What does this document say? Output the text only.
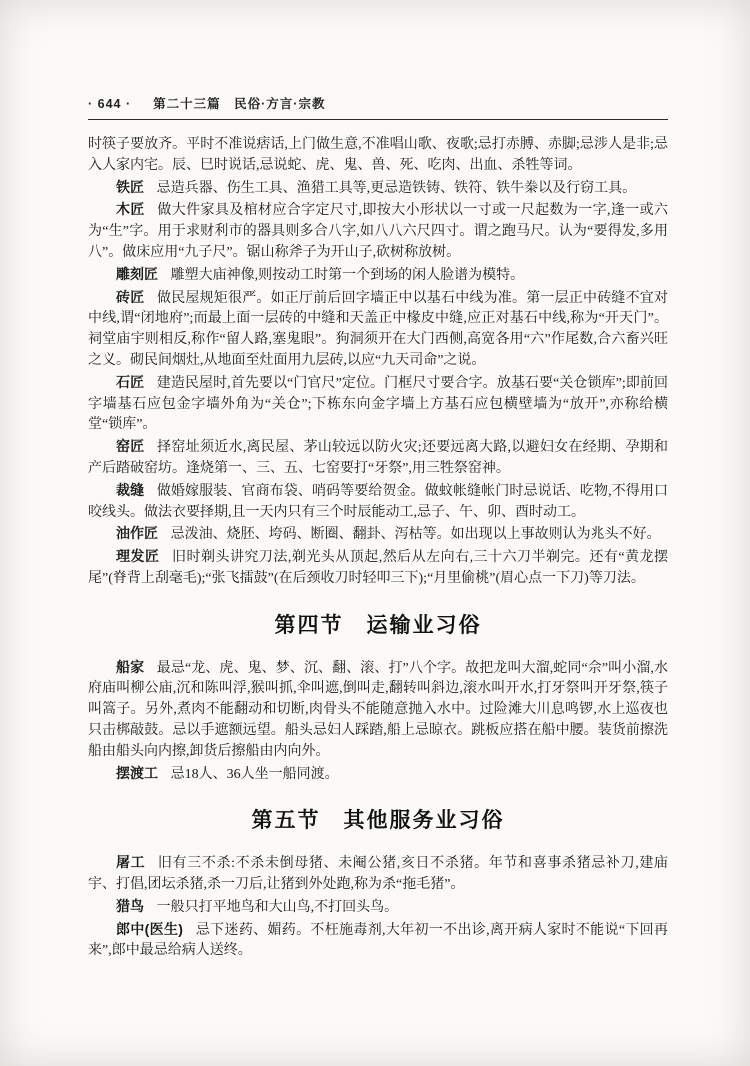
· 644 · 第二十三篇　民俗·方言·宗教

时筷子要放齐。平时不准说痞话,上门做生意,不准唱山歌、夜歌;忌打赤膊、赤脚;忌涉人是非;忌入人家内宅。辰、巳时说话,忌说蛇、虎、鬼、兽、死、吃肉、出血、杀牲等词。

铁匠 忌造兵器、伤生工具、渔猎工具等,更忌造铁铸、铁符、铁牛桊以及行窃工具。

木匠 做大件家具及棺材应合字定尺寸,即按大小形状以一寸或一尺起数为一字,逢一或六为“生”字。用于求财利市的器具则多合八字,如八八六尺四寸。谓之跑马尺。认为“要得发,多用八”。做床应用“九子尺”。锯山称斧子为开山子,砍树称放树。

雕刻匠 雕塑大庙神像,则按动工时第一个到场的闲人脸谱为模特。

砖匠 做民屋规矩很严。如正厅前后回字墙正中以基石中线为准。第一层正中砖缝不宜对中线,谓“闭地府”;而最上面一层砖的中缝和天盖正中椽皮中缝,应正对基石中线,称为“开天门”。祠堂庙宇则相反,称作“留人路,塞鬼眼”。狗洞须开在大门西侧,高宽各用“六”作尾数,合六畜兴旺之义。砌民间烟灶,从地面至灶面用九层砖,以应“九天司命”之说。

石匠 建造民屋时,首先要以“门官尺”定位。门框尺寸要合字。放基石要“关仓锁库”;即前回字墙基石应包金字墙外角为“关仓”;下栋东向金字墙上方基石应包横壁墙为“放开”,亦称给横堂“锁库”。

窑匠 择窑址须近水,离民屋、茅山较远以防火灾;还要远离大路,以避妇女在经期、孕期和产后踏破窑坊。逢烧第一、三、五、七窑要打“牙祭”,用三牲祭窑神。

裁缝 做婚嫁服装、官商布袋、哨码等要给贺金。做蚊帐缝帐门时忌说话、吃物,不得用口咬线头。做法衣要择期,且一天内只有三个时辰能动工,忌子、午、卯、酉时动工。

油作匠 忌泼油、烧胚、垮码、断圈、翻卦、泻枯等。如出现以上事故则认为兆头不好。

理发匠 旧时剃头讲究刀法,剃光头从顶起,然后从左向右,三十六刀半剃完。还有“黄龙摆尾”(脊背上刮毫毛);“张飞擂鼓”(在后颈收刀时轻叩三下);“月里偷桃”(眉心点一下刀)等刀法。

第四节　运输业习俗

船家 最忌“龙、虎、鬼、梦、沉、翻、滚、打”八个字。故把龙叫大溜,蛇同“佘”叫小溜,水府庙叫柳公庙,沉和陈叫浮,猴叫抓,伞叫遮,倒叫走,翻转叫斜边,滚水叫开水,打牙祭叫开牙祭,筷子叫篙子。另外,煮肉不能翻动和切断,肉骨头不能随意抛入水中。过险滩大川息鸣锣,水上巡夜也只击梆敲鼓。忌以手遮额远望。船头忌妇人踩踏,船上忌晾衣。跳板应搭在船中腰。装货前擦洗船由船头向内擦,卸货后擦船由内向外。

摆渡工 忌18人、36人坐一船同渡。

第五节　其他服务业习俗

屠工 旧有三不杀:不杀未倒母猪、未阉公猪,亥日不杀猪。年节和喜事杀猪忌补刀,建庙宇、打倡,团坛杀猪,杀一刀后,让猪到外处跑,称为杀“拖毛猪”。

猎鸟 一般只打平地鸟和大山鸟,不打回头鸟。

郎中(医生) 忌下迷药、媚药。不枉施毒剂,大年初一不出诊,离开病人家时不能说“下回再来”,郎中最忌给病人送终。
